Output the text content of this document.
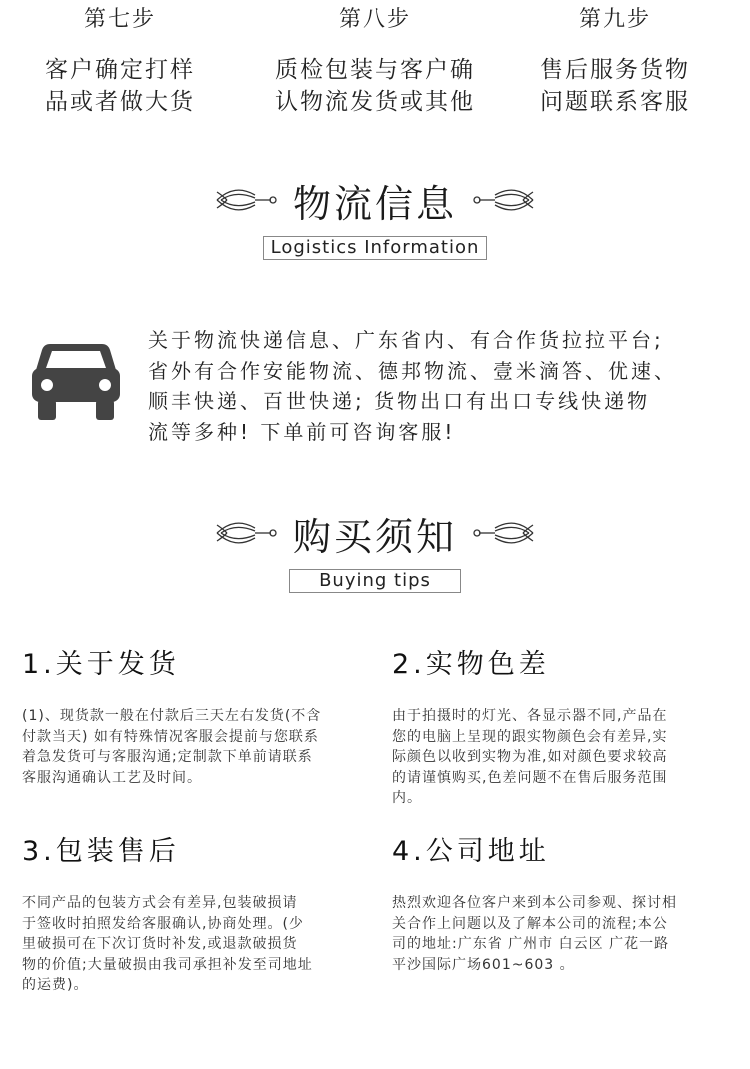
第七步
客户确定打样
品或者做大货
第八步
质检包装与客户确
认物流发货或其他
第九步
售后服务货物
问题联系客服
物流信息
Logistics Information
关于物流快递信息、广东省内、有合作货拉拉平台;
省外有合作安能物流、德邦物流、壹米滴答、优速、
顺丰快递、百世快递; 货物出口有出口专线快递物
流等多种! 下单前可咨询客服!
购买须知
Buying tips
1.关于发货
(1)、现货款一般在付款后三天左右发货(不含
付款当天) 如有特殊情况客服会提前与您联系
着急发货可与客服沟通;定制款下单前请联系
客服沟通确认工艺及时间。
2.实物色差
由于拍摄时的灯光、各显示器不同,产品在
您的电脑上呈现的跟实物颜色会有差异,实
际颜色以收到实物为准,如对颜色要求较高
的请谨慎购买,色差问题不在售后服务范围
内。
3.包装售后
不同产品的包装方式会有差异,包装破损请
于签收时拍照发给客服确认,协商处理。(少
里破损可在下次订货时补发,或退款破损货
物的价值;大量破损由我司承担补发至司地址
的运费)。
4.公司地址
热烈欢迎各位客户来到本公司参观、探讨相
关合作上问题以及了解本公司的流程;本公
司的地址:广东省 广州市 白云区 广花一路
平沙国际广场601~603 。
